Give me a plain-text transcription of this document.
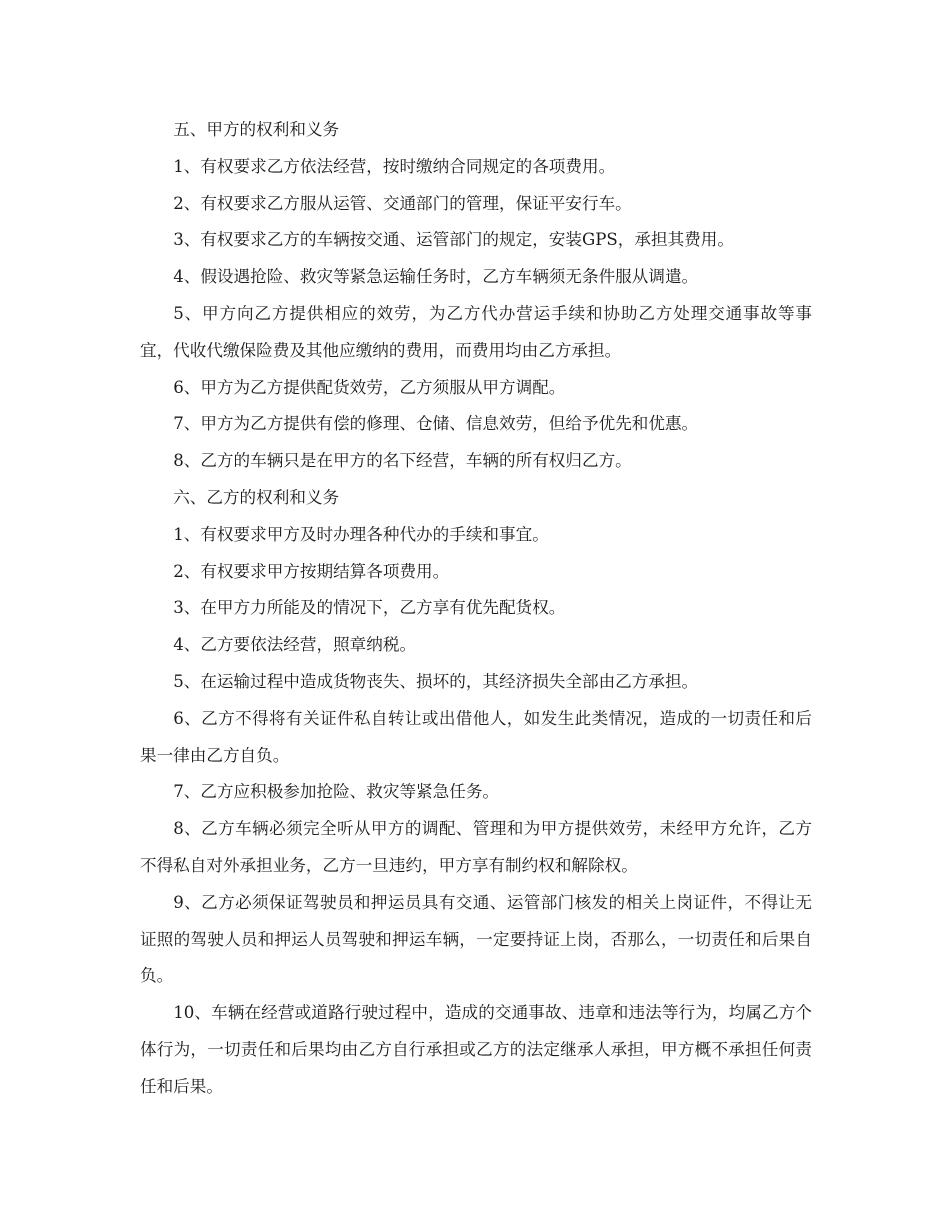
五、甲方的权利和义务

1、有权要求乙方依法经营，按时缴纳合同规定的各项费用。

2、有权要求乙方服从运管、交通部门的管理，保证平安行车。

3、有权要求乙方的车辆按交通、运管部门的规定，安装GPS，承担其费用。

4、假设遇抢险、救灾等紧急运输任务时，乙方车辆须无条件服从调遣。

5、甲方向乙方提供相应的效劳，为乙方代办营运手续和协助乙方处理交通事故等事宜，代收代缴保险费及其他应缴纳的费用，而费用均由乙方承担。

6、甲方为乙方提供配货效劳，乙方须服从甲方调配。

7、甲方为乙方提供有偿的修理、仓储、信息效劳，但给予优先和优惠。

8、乙方的车辆只是在甲方的名下经营，车辆的所有权归乙方。

六、乙方的权利和义务

1、有权要求甲方及时办理各种代办的手续和事宜。

2、有权要求甲方按期结算各项费用。

3、在甲方力所能及的情况下，乙方享有优先配货权。

4、乙方要依法经营，照章纳税。

5、在运输过程中造成货物丧失、损坏的，其经济损失全部由乙方承担。

6、乙方不得将有关证件私自转让或出借他人，如发生此类情况，造成的一切责任和后果一律由乙方自负。

7、乙方应积极参加抢险、救灾等紧急任务。

8、乙方车辆必须完全听从甲方的调配、管理和为甲方提供效劳，未经甲方允许，乙方不得私自对外承担业务，乙方一旦违约，甲方享有制约权和解除权。

9、乙方必须保证驾驶员和押运员具有交通、运管部门核发的相关上岗证件，不得让无证照的驾驶人员和押运人员驾驶和押运车辆，一定要持证上岗，否那么，一切责任和后果自负。

10、车辆在经营或道路行驶过程中，造成的交通事故、违章和违法等行为，均属乙方个体行为，一切责任和后果均由乙方自行承担或乙方的法定继承人承担，甲方概不承担任何责任和后果。
